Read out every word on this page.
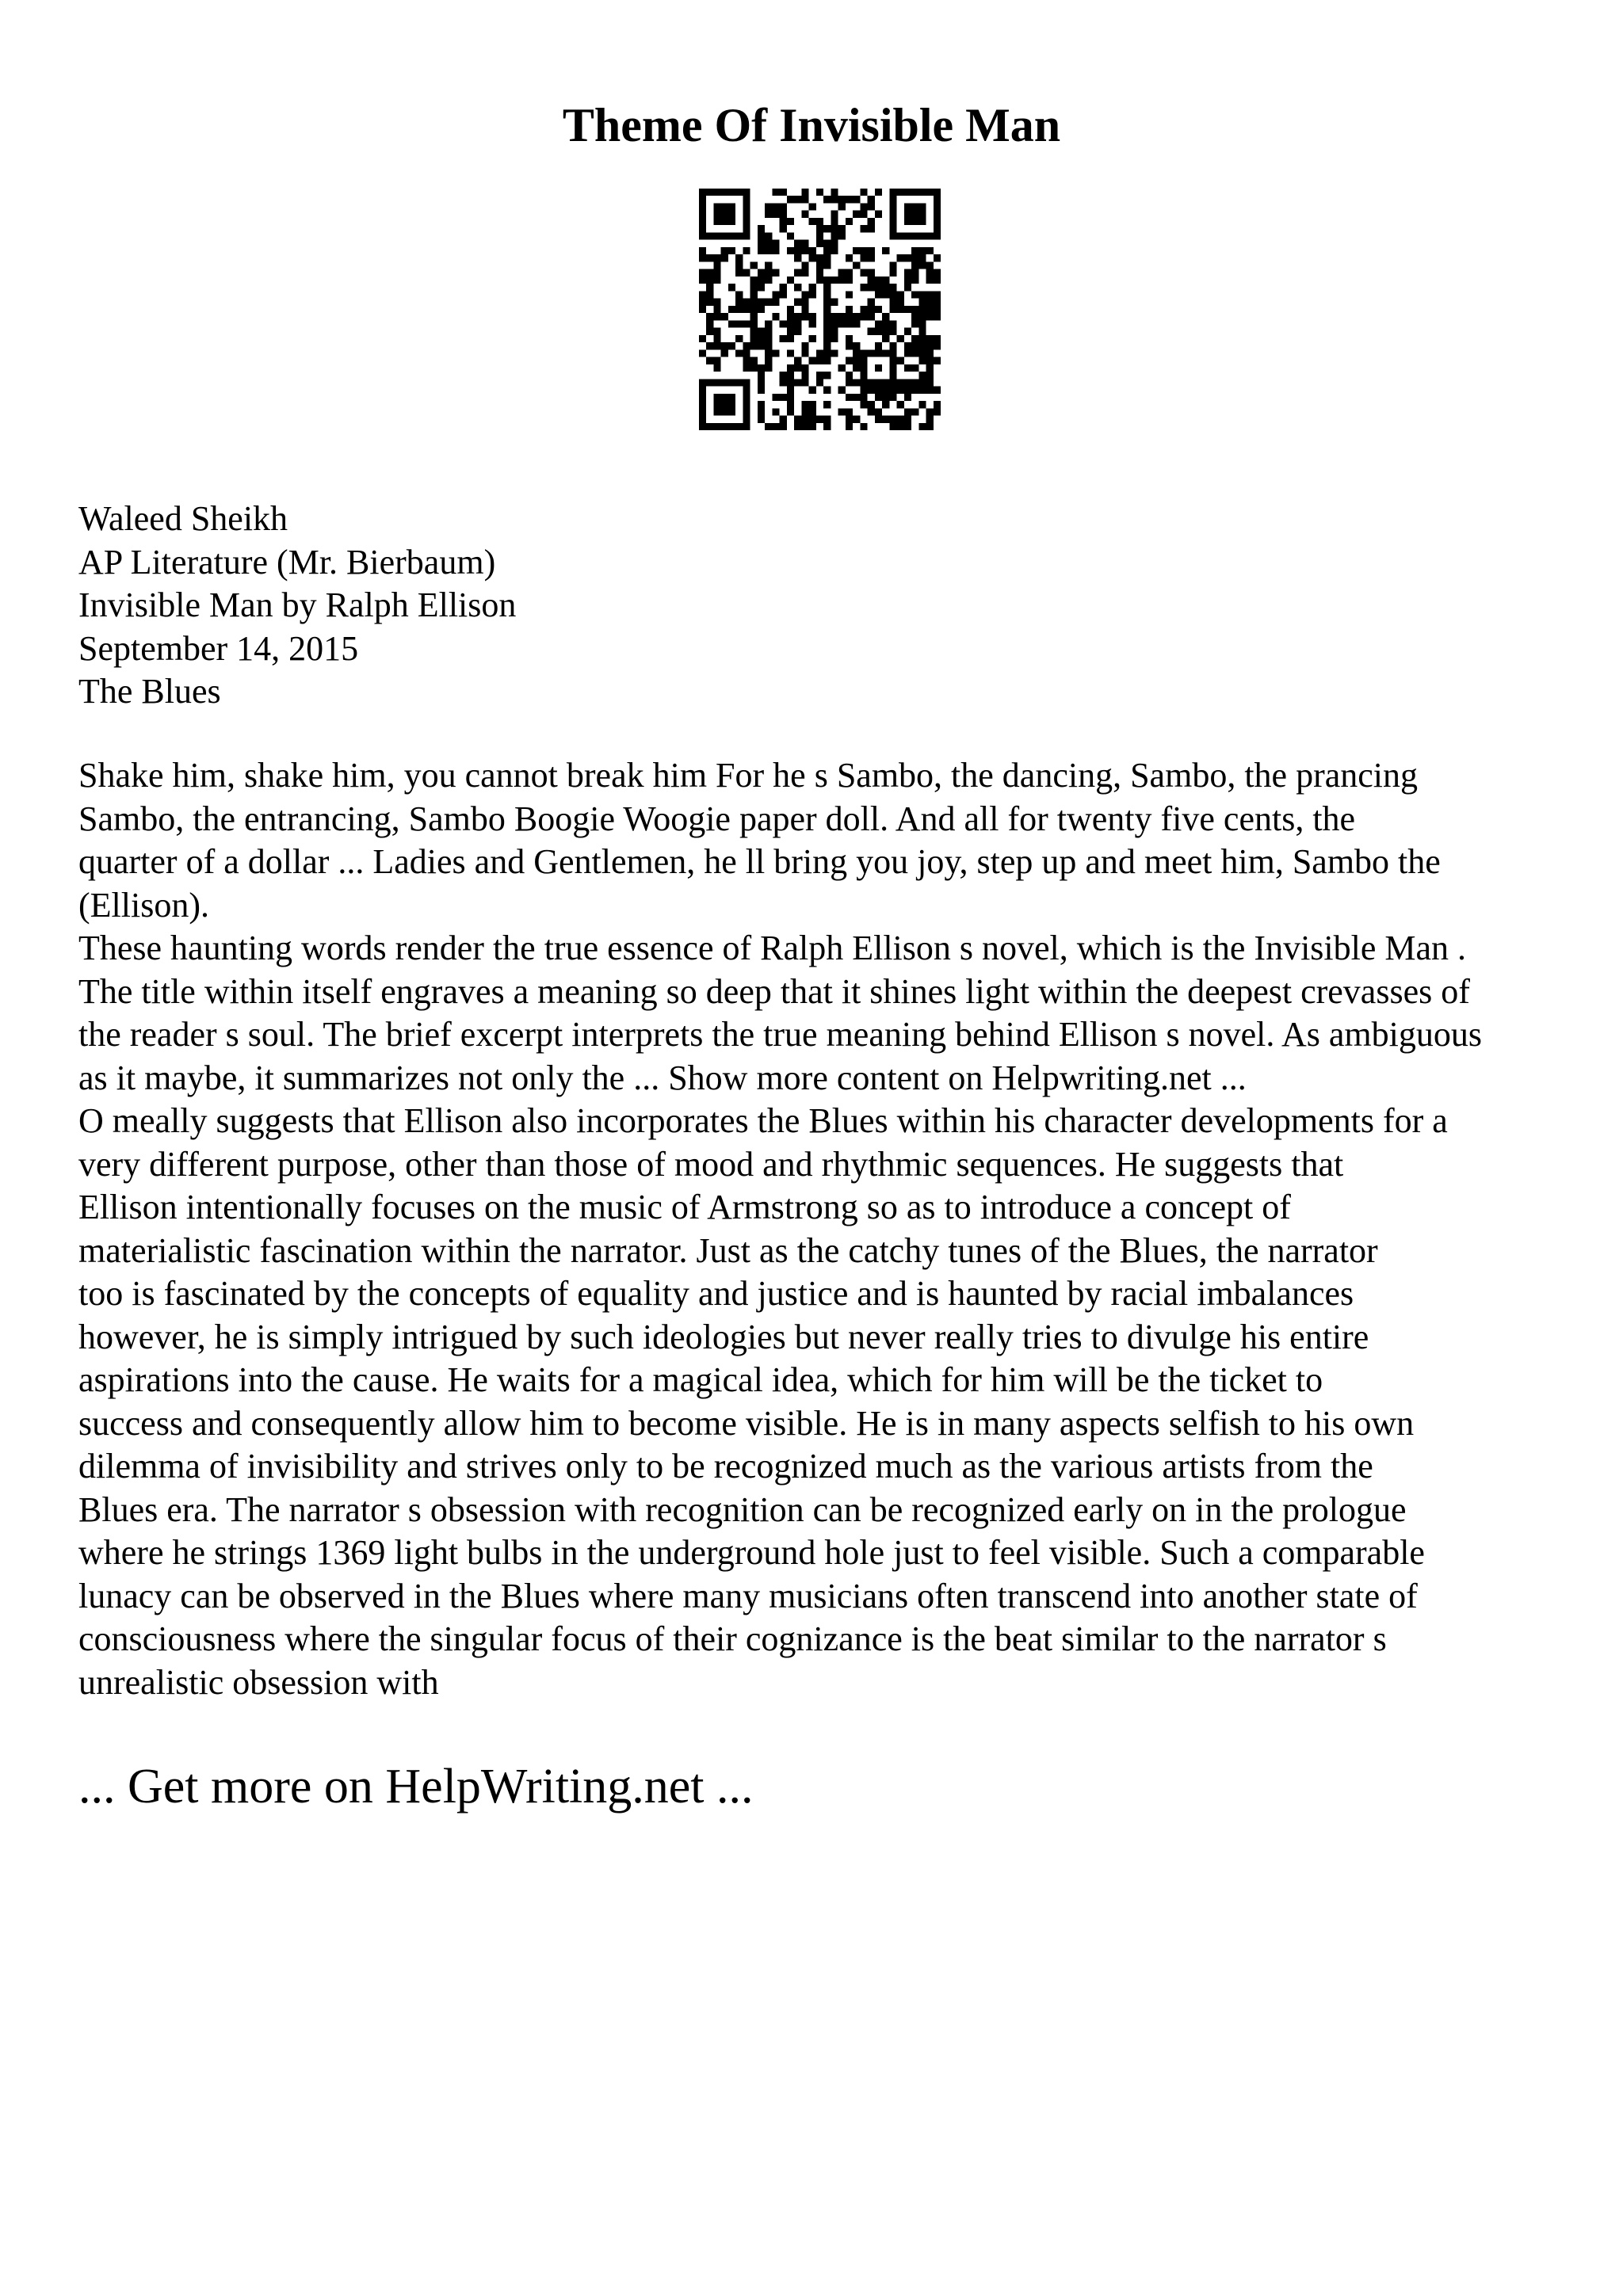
Theme Of Invisible Man
Waleed Sheikh
AP Literature (Mr. Bierbaum)
Invisible Man by Ralph Ellison
September 14, 2015
The Blues
Shake him, shake him, you cannot break him For he s Sambo, the dancing, Sambo, the prancing
Sambo, the entrancing, Sambo Boogie Woogie paper doll. And all for twenty five cents, the
quarter of a dollar ... Ladies and Gentlemen, he ll bring you joy, step up and meet him, Sambo the
(Ellison).
These haunting words render the true essence of Ralph Ellison s novel, which is the Invisible Man .
The title within itself engraves a meaning so deep that it shines light within the deepest crevasses of
the reader s soul. The brief excerpt interprets the true meaning behind Ellison s novel. As ambiguous
as it maybe, it summarizes not only the ... Show more content on Helpwriting.net ...
O meally suggests that Ellison also incorporates the Blues within his character developments for a
very different purpose, other than those of mood and rhythmic sequences. He suggests that
Ellison intentionally focuses on the music of Armstrong so as to introduce a concept of
materialistic fascination within the narrator. Just as the catchy tunes of the Blues, the narrator
too is fascinated by the concepts of equality and justice and is haunted by racial imbalances
however, he is simply intrigued by such ideologies but never really tries to divulge his entire
aspirations into the cause. He waits for a magical idea, which for him will be the ticket to
success and consequently allow him to become visible. He is in many aspects selfish to his own
dilemma of invisibility and strives only to be recognized much as the various artists from the
Blues era. The narrator s obsession with recognition can be recognized early on in the prologue
where he strings 1369 light bulbs in the underground hole just to feel visible. Such a comparable
lunacy can be observed in the Blues where many musicians often transcend into another state of
consciousness where the singular focus of their cognizance is the beat similar to the narrator s
unrealistic obsession with
... Get more on HelpWriting.net ...
